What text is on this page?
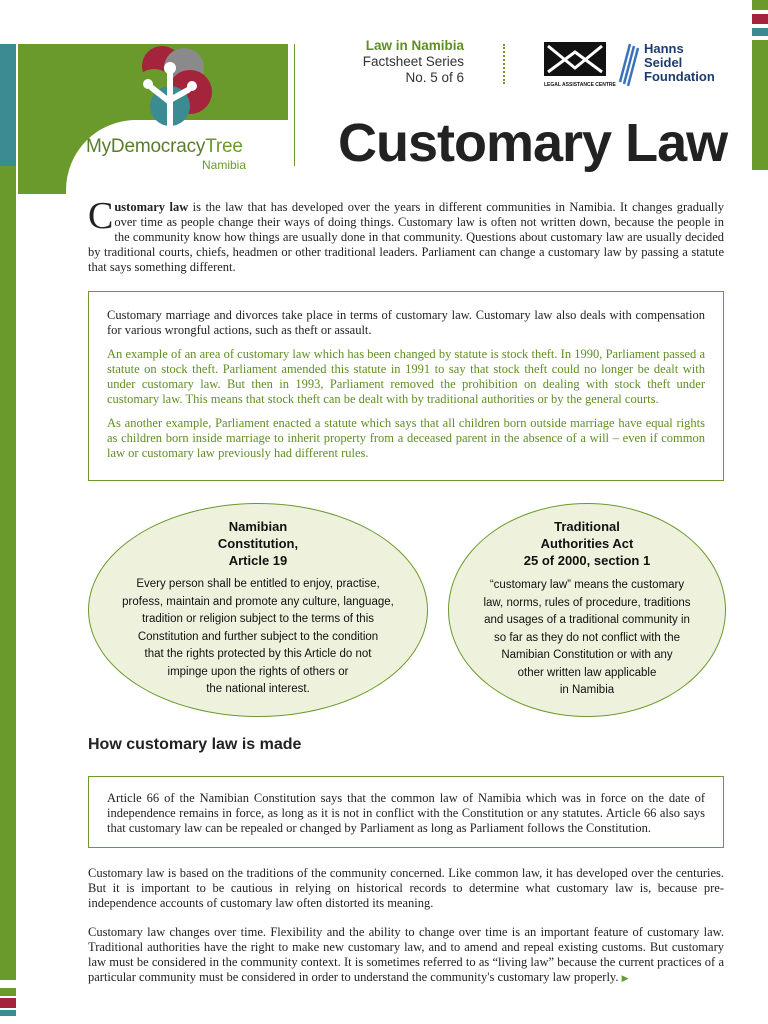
MyDemocracyTree
Namibia
Law in Namibia
Factsheet Series
No. 5 of 6	LEGAL ASSISTANCE CENTRE
Hanns
Seidel
Foundation
Customary Law
Customary law is the law that has developed over the years in different communities in Namibia. It changes gradually over time as people change their ways of doing things. Customary law is often not written down, because the people in the community know how things are usually done in that community. Questions about customary law are usually decided by traditional courts, chiefs, headmen or other traditional leaders. Parliament can change a customary law by passing a statute that says something different.

Customary marriage and divorces take place in terms of customary law. Customary law also deals with compensation for various wrongful actions, such as theft or assault.

An example of an area of customary law which has been changed by statute is stock theft. In 1990, Parliament passed a statute on stock theft. Parliament amended this statute in 1991 to say that stock theft could no longer be dealt with under customary law. But then in 1993, Parliament removed the prohibition on dealing with stock theft under customary law. This means that stock theft can be dealt with by traditional authorities or by the general courts.

As another example, Parliament enacted a statute which says that all children born outside marriage have equal rights as children born inside marriage to inherit property from a deceased parent in the absence of a will – even if common law or customary law previously had different rules.

Namibian
Constitution,
Article 19
Every person shall be entitled to enjoy, practise,
profess, maintain and promote any culture, language,
tradition or religion subject to the terms of this
Constitution and further subject to the condition
that the rights protected by this Article do not
impinge upon the rights of others or
the national interest.
Traditional
Authorities Act
25 of 2000, section 1
“customary law” means the customary
law, norms, rules of procedure, traditions
and usages of a traditional community in
so far as they do not conflict with the
Namibian Constitution or with any
other written law applicable
in Namibia
How customary law is made

Article 66 of the Namibian Constitution says that the common law of Namibia which was in force on the date of independence remains in force, as long as it is not in conflict with the Constitution or any statutes. Article 66 also says that customary law can be repealed or changed by Parliament as long as Parliament follows the Constitution.

Customary law is based on the traditions of the community concerned. Like common law, it has developed over the centuries. But it is important to be cautious in relying on historical records to determine what customary law is, because pre-independence accounts of customary law often distorted its meaning.
Customary law changes over time. Flexibility and the ability to change over time is an important feature of customary law. Traditional authorities have the right to make new customary law, and to amend and repeal existing customs. But customary law must be considered in the community context. It is sometimes referred to as “living law” because the current practices of a particular community must be considered in order to understand the community's customary law properly. ▶
